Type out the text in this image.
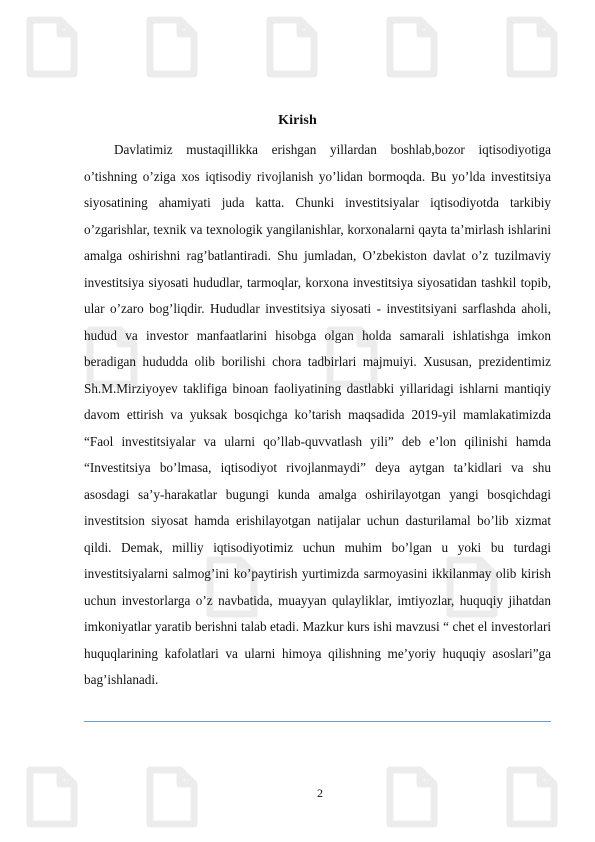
Kirish

Davlatimiz mustaqillikka erishgan yillardan boshlab,bozor iqtisodiyotiga o’tishning o’ziga xos iqtisodiy rivojlanish yo’lidan bormoqda. Bu yo’lda investitsiya siyosatining ahamiyati juda katta. Chunki investitsiyalar iqtisodiyotda tarkibiy o’zgarishlar, texnik va texnologik yangilanishlar, korxonalarni qayta ta’mirlash ishlarini amalga oshirishni rag’batlantiradi. Shu jumladan, O’zbekiston davlat o’z tuzilmaviy investitsiya siyosati hududlar, tarmoqlar, korxona investitsiya siyosatidan tashkil topib, ular o’zaro bog’liqdir. Hududlar investitsiya siyosati - investitsiyani sarflashda aholi, hudud va investor manfaatlarini hisobga olgan holda samarali ishlatishga imkon beradigan hududda olib borilishi chora tadbirlari majmuiyi. Xususan, prezidentimiz Sh.M.Mirziyoyev taklifiga binoan faoliyatining dastlabki yillaridagi ishlarni mantiqiy davom ettirish va yuksak bosqichga ko’tarish maqsadida 2019-yil mamlakatimizda “Faol investitsiyalar va ularni qo’llab-quvvatlash yili” deb e’lon qilinishi hamda “Investitsiya bo’lmasa, iqtisodiyot rivojlanmaydi” deya aytgan ta’kidlari va shu asosdagi sa’y-harakatlar bugungi kunda amalga oshirilayotgan yangi bosqichdagi investitsion siyosat hamda erishilayotgan natijalar uchun dasturilamal bo’lib xizmat qildi. Demak, milliy iqtisodiyotimiz uchun muhim bo’lgan u yoki bu turdagi investitsiyalarni salmog’ini ko’paytirish yurtimizda sarmoyasini ikkilanmay olib kirish uchun investorlarga o’z navbatida, muayyan qulayliklar, imtiyozlar, huquqiy jihatdan imkoniyatlar yaratib berishni talab etadi. Mazkur kurs ishi mavzusi “ chet el investorlari huquqlarining kafolatlari va ularni himoya qilishning me’yoriy huquqiy asoslari”ga bag’ishlanadi.

2
